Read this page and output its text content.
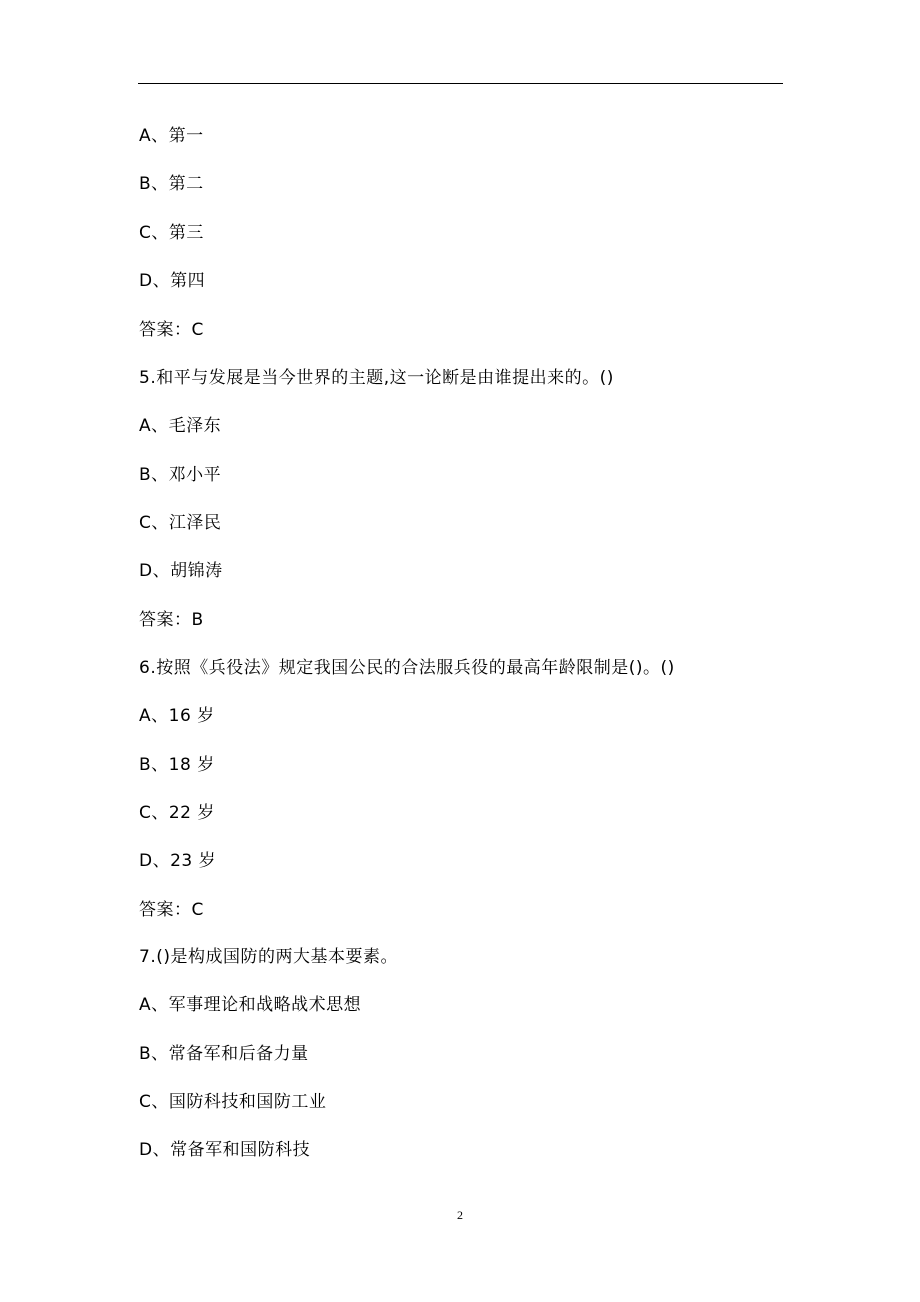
A、第一
B、第二
C、第三
D、第四
答案：C
5.和平与发展是当今世界的主题,这一论断是由谁提出来的。()
A、毛泽东
B、邓小平
C、江泽民
D、胡锦涛
答案：B
6.按照《兵役法》规定我国公民的合法服兵役的最高年龄限制是()。()
A、16 岁
B、18 岁
C、22 岁
D、23 岁
答案：C
7.()是构成国防的两大基本要素。
A、军事理论和战略战术思想
B、常备军和后备力量
C、国防科技和国防工业
D、常备军和国防科技
2
